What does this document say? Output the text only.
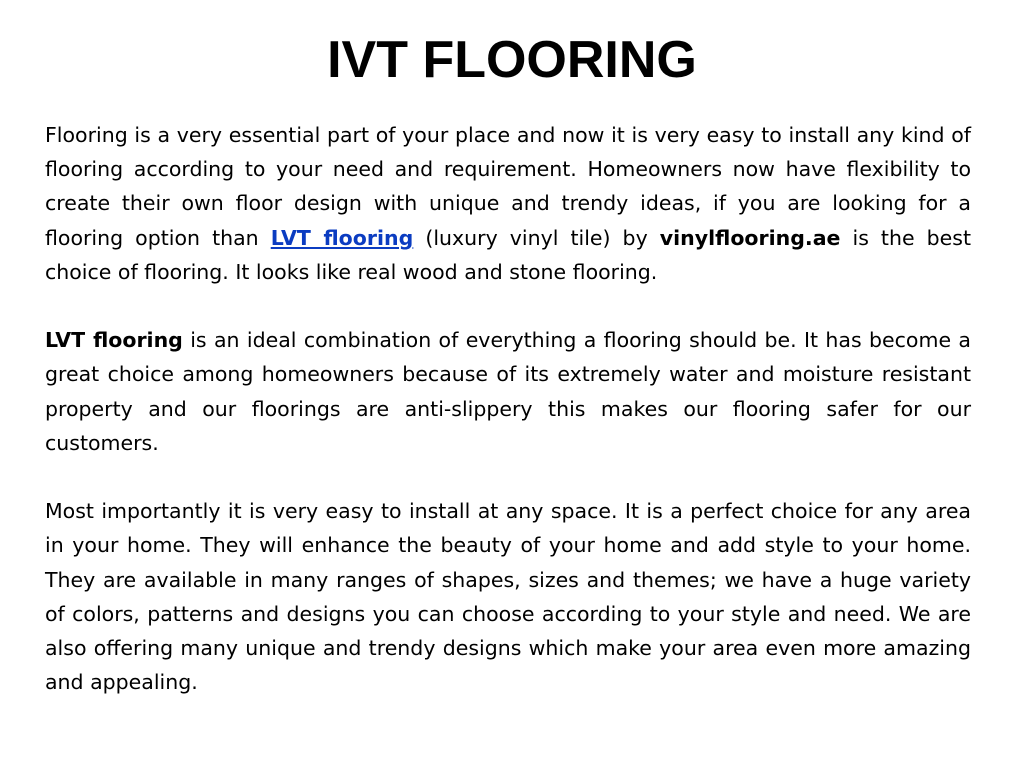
IVT FLOORING

Flooring is a very essential part of your place and now it is very easy to install any kind of flooring according to your need and requirement. Homeowners now have flexibility to create their own floor design with unique and trendy ideas, if you are looking for a flooring option than LVT flooring (luxury vinyl tile) by vinylflooring.ae is the best choice of flooring. It looks like real wood and stone flooring.

LVT flooring is an ideal combination of everything a flooring should be. It has become a great choice among homeowners because of its extremely water and moisture resistant property and our floorings are anti-slippery this makes our flooring safer for our customers.

Most importantly it is very easy to install at any space. It is a perfect choice for any area in your home. They will enhance the beauty of your home and add style to your home. They are available in many ranges of shapes, sizes and themes; we have a huge variety of colors, patterns and designs you can choose according to your style and need. We are also offering many unique and trendy designs which make your area even more amazing and appealing.
